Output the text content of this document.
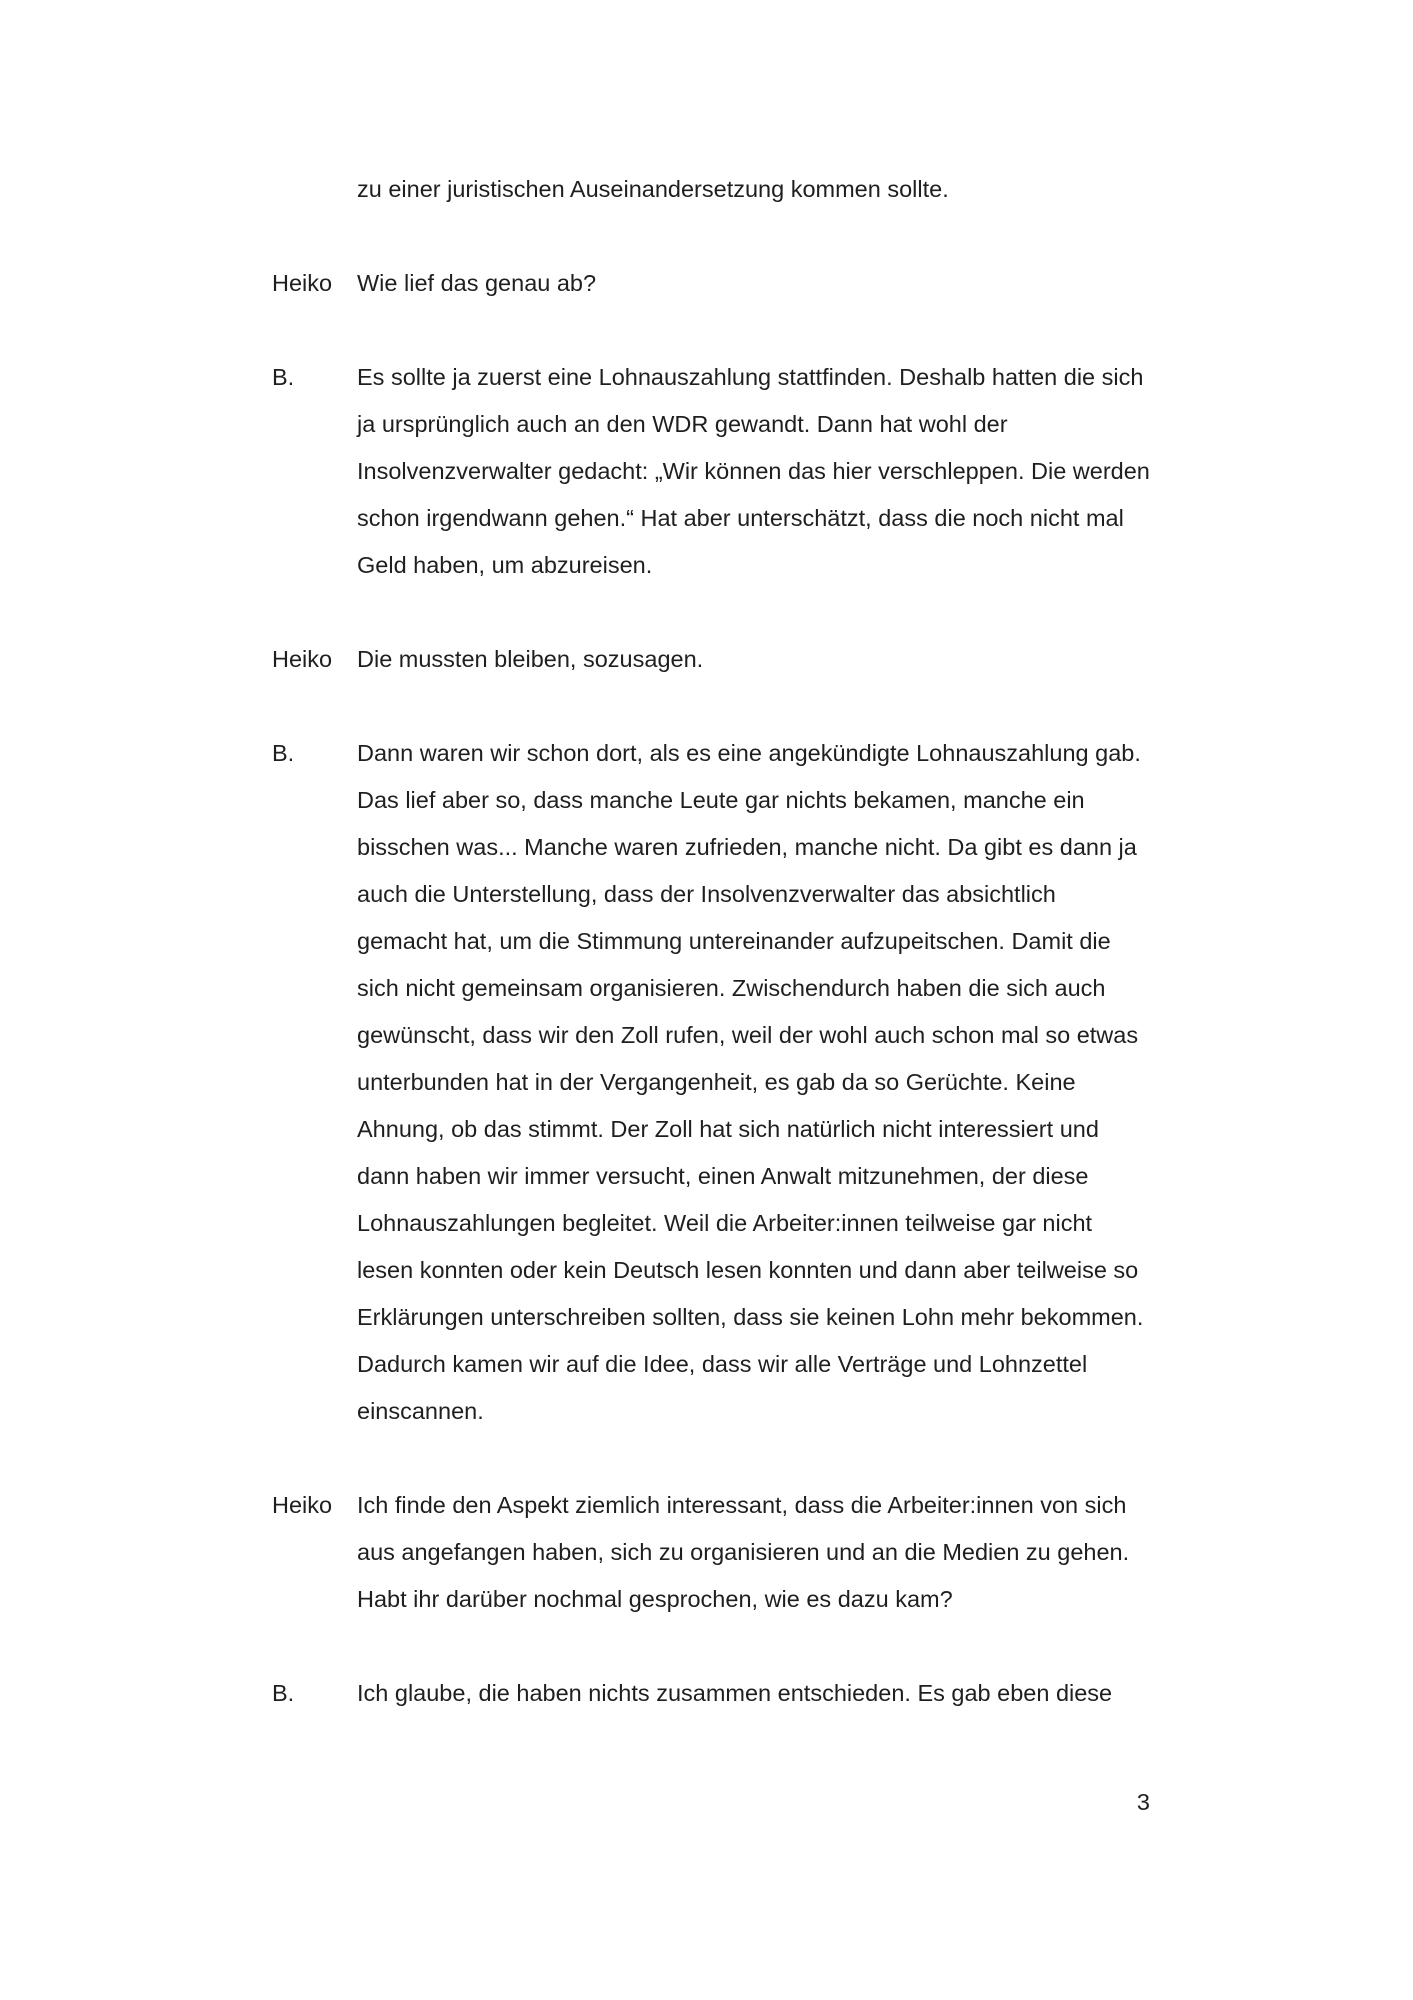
zu einer juristischen Auseinandersetzung kommen sollte.
Heiko	Wie lief das genau ab?
B.	Es sollte ja zuerst eine Lohnauszahlung stattfinden. Deshalb hatten die sich
ja ursprünglich auch an den WDR gewandt. Dann hat wohl der
Insolvenzverwalter gedacht: „Wir können das hier verschleppen. Die werden
schon irgendwann gehen.“ Hat aber unterschätzt, dass die noch nicht mal
Geld haben, um abzureisen.
Heiko	Die mussten bleiben, sozusagen.
B.	Dann waren wir schon dort, als es eine angekündigte Lohnauszahlung gab.
Das lief aber so, dass manche Leute gar nichts bekamen, manche ein
bisschen was... Manche waren zufrieden, manche nicht. Da gibt es dann ja
auch die Unterstellung, dass der Insolvenzverwalter das absichtlich
gemacht hat, um die Stimmung untereinander aufzupeitschen. Damit die
sich nicht gemeinsam organisieren. Zwischendurch haben die sich auch
gewünscht, dass wir den Zoll rufen, weil der wohl auch schon mal so etwas
unterbunden hat in der Vergangenheit, es gab da so Gerüchte. Keine
Ahnung, ob das stimmt. Der Zoll hat sich natürlich nicht interessiert und
dann haben wir immer versucht, einen Anwalt mitzunehmen, der diese
Lohnauszahlungen begleitet. Weil die Arbeiter:innen teilweise gar nicht
lesen konnten oder kein Deutsch lesen konnten und dann aber teilweise so
Erklärungen unterschreiben sollten, dass sie keinen Lohn mehr bekommen.
Dadurch kamen wir auf die Idee, dass wir alle Verträge und Lohnzettel
einscannen.
Heiko	Ich finde den Aspekt ziemlich interessant, dass die Arbeiter:innen von sich
aus angefangen haben, sich zu organisieren und an die Medien zu gehen.
Habt ihr darüber nochmal gesprochen, wie es dazu kam?
B.	Ich glaube, die haben nichts zusammen entschieden. Es gab eben diese
3
